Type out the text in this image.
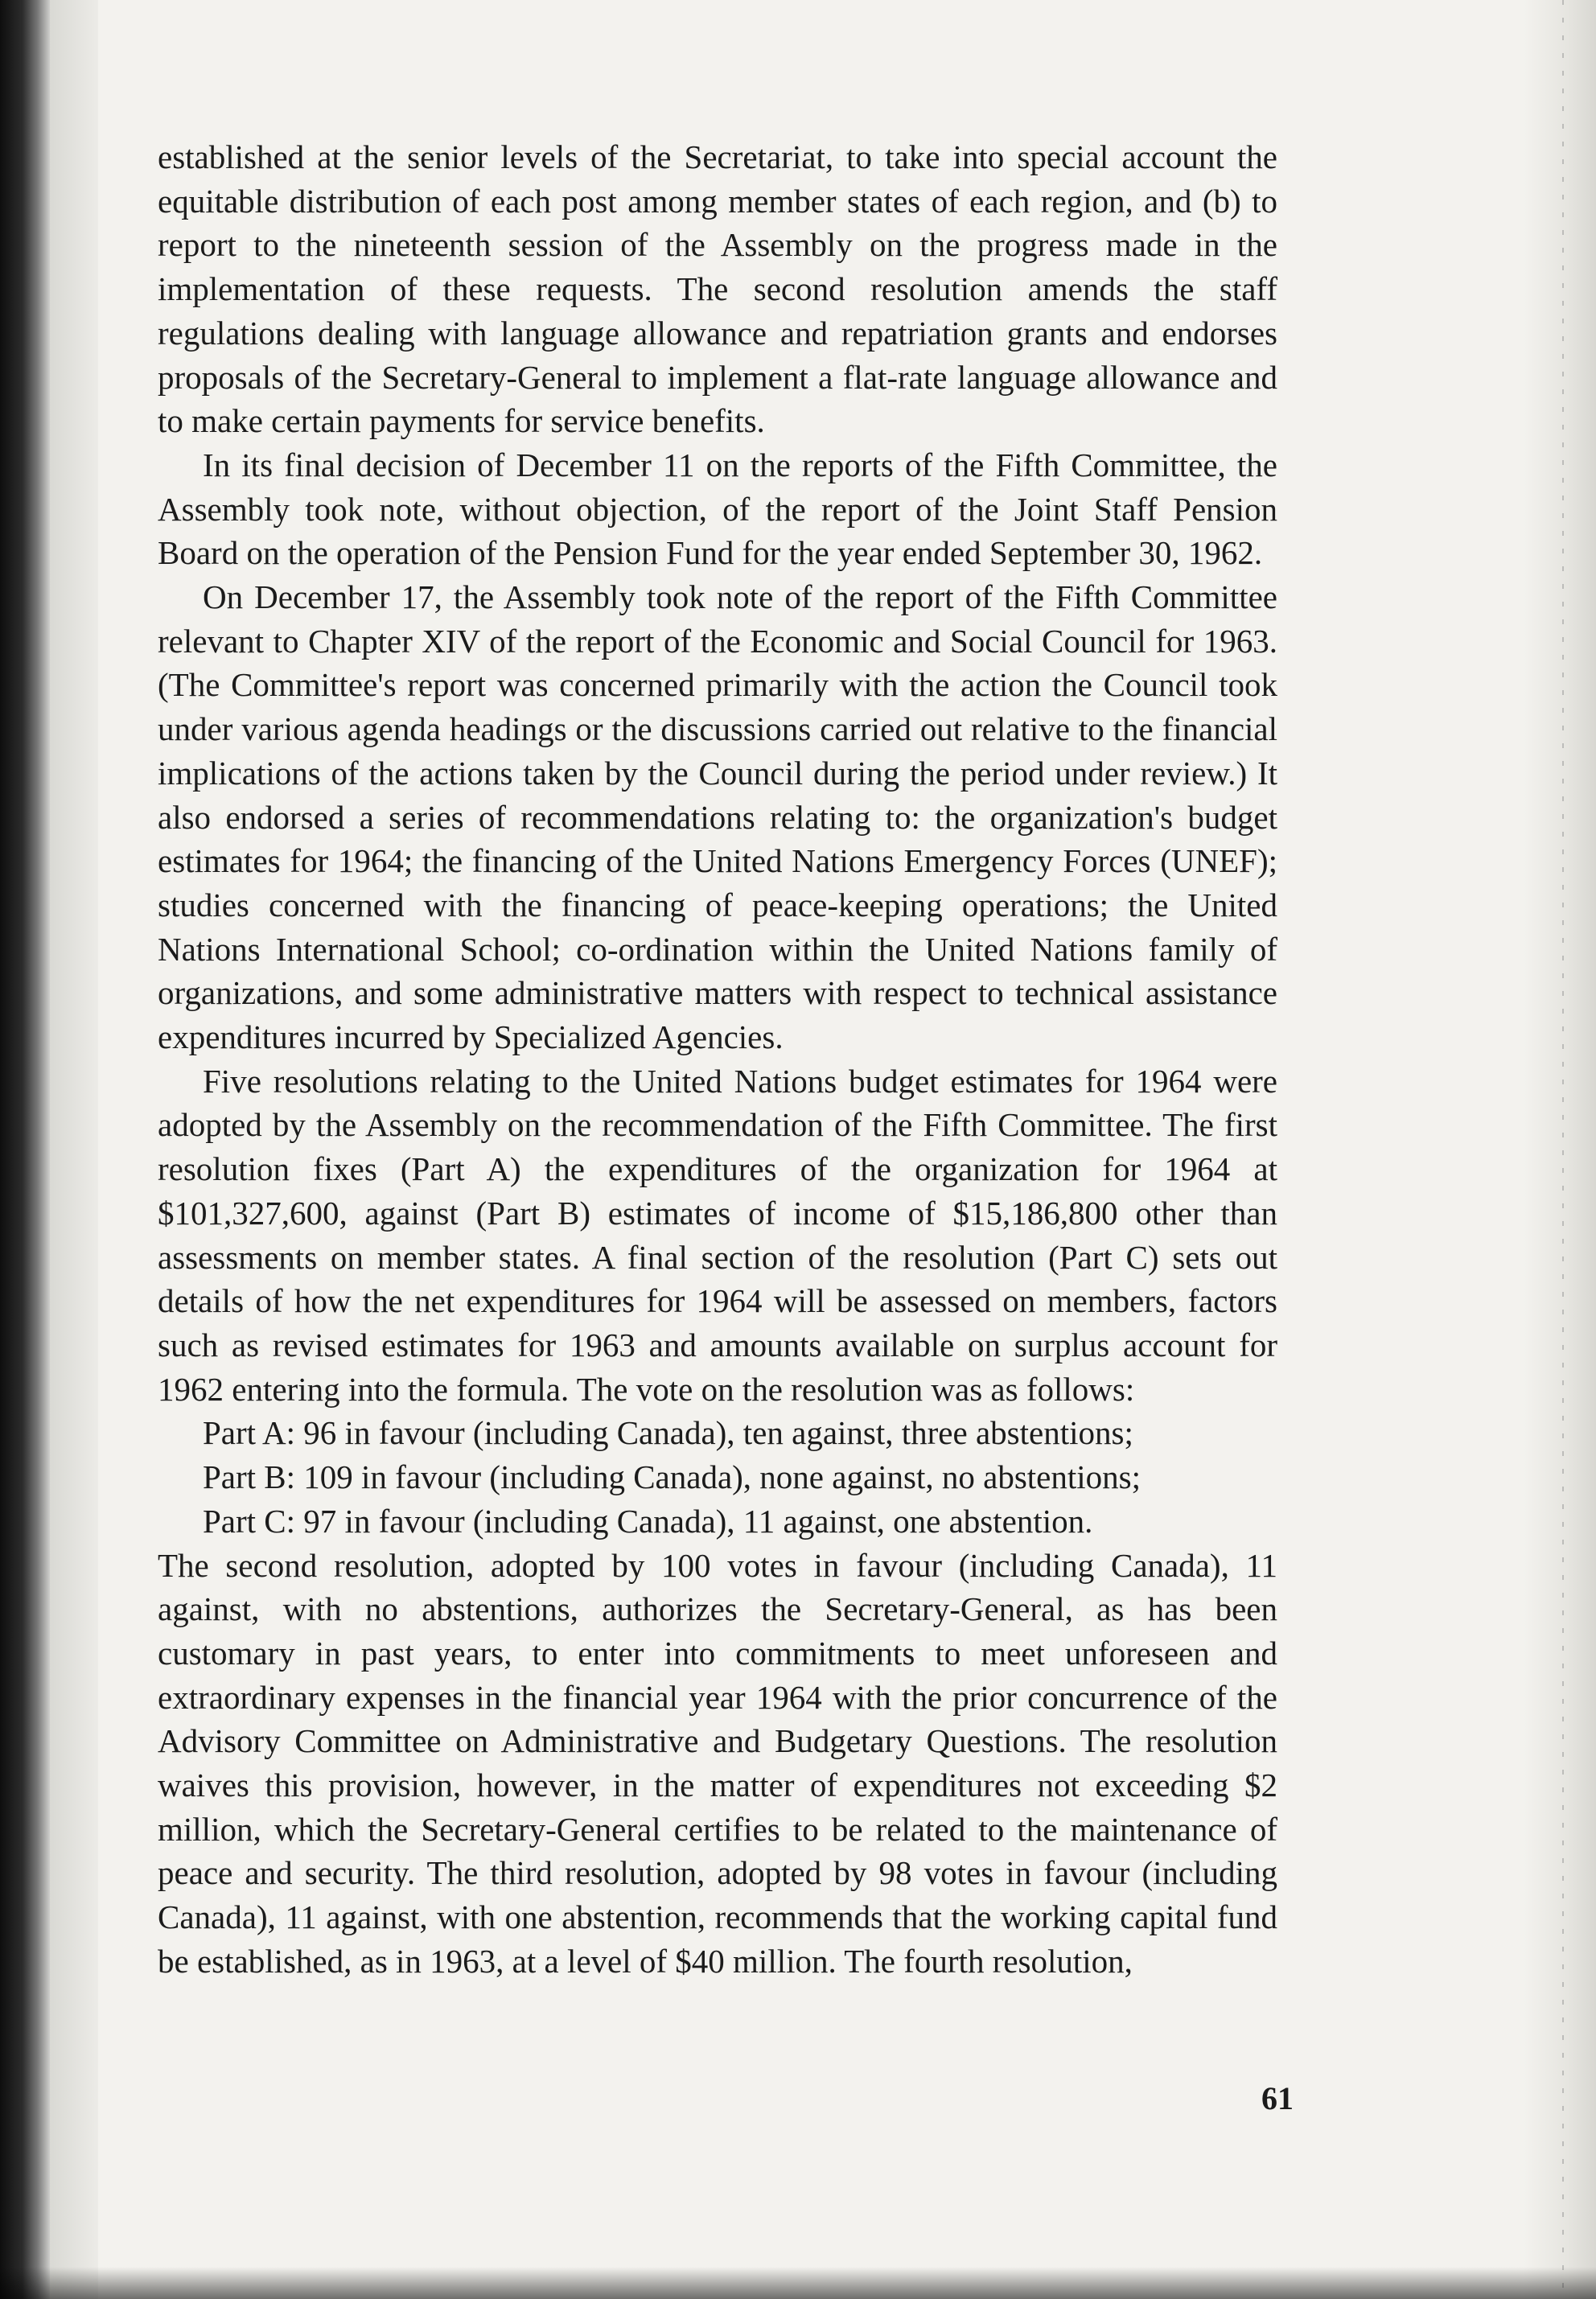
established at the senior levels of the Secretariat, to take into special account the equitable distribution of each post among member states of each region, and (b) to report to the nineteenth session of the Assembly on the progress made in the implementation of these requests. The second resolution amends the staff regulations dealing with language allowance and repatriation grants and endorses proposals of the Secretary-General to implement a flat-rate language allowance and to make certain payments for service benefits.

In its final decision of December 11 on the reports of the Fifth Committee, the Assembly took note, without objection, of the report of the Joint Staff Pension Board on the operation of the Pension Fund for the year ended September 30, 1962.

On December 17, the Assembly took note of the report of the Fifth Committee relevant to Chapter XIV of the report of the Economic and Social Council for 1963. (The Committee's report was concerned primarily with the action the Council took under various agenda headings or the discussions carried out relative to the financial implications of the actions taken by the Council during the period under review.) It also endorsed a series of recommendations relating to: the organization's budget estimates for 1964; the financing of the United Nations Emergency Forces (UNEF); studies concerned with the financing of peace-keeping operations; the United Nations International School; co-ordination within the United Nations family of organizations, and some administrative matters with respect to technical assistance expenditures incurred by Specialized Agencies.

Five resolutions relating to the United Nations budget estimates for 1964 were adopted by the Assembly on the recommendation of the Fifth Committee. The first resolution fixes (Part A) the expenditures of the organization for 1964 at $101,327,600, against (Part B) estimates of income of $15,186,800 other than assessments on member states. A final section of the resolution (Part C) sets out details of how the net expenditures for 1964 will be assessed on members, factors such as revised estimates for 1963 and amounts available on surplus account for 1962 entering into the formula. The vote on the resolution was as follows:

Part A: 96 in favour (including Canada), ten against, three abstentions;

Part B: 109 in favour (including Canada), none against, no abstentions;

Part C: 97 in favour (including Canada), 11 against, one abstention.

The second resolution, adopted by 100 votes in favour (including Canada), 11 against, with no abstentions, authorizes the Secretary-General, as has been customary in past years, to enter into commitments to meet unforeseen and extraordinary expenses in the financial year 1964 with the prior concurrence of the Advisory Committee on Administrative and Budgetary Questions. The resolution waives this provision, however, in the matter of expenditures not exceeding $2 million, which the Secretary-General certifies to be related to the maintenance of peace and security. The third resolution, adopted by 98 votes in favour (including Canada), 11 against, with one abstention, recommends that the working capital fund be established, as in 1963, at a level of $40 million. The fourth resolution,

61
